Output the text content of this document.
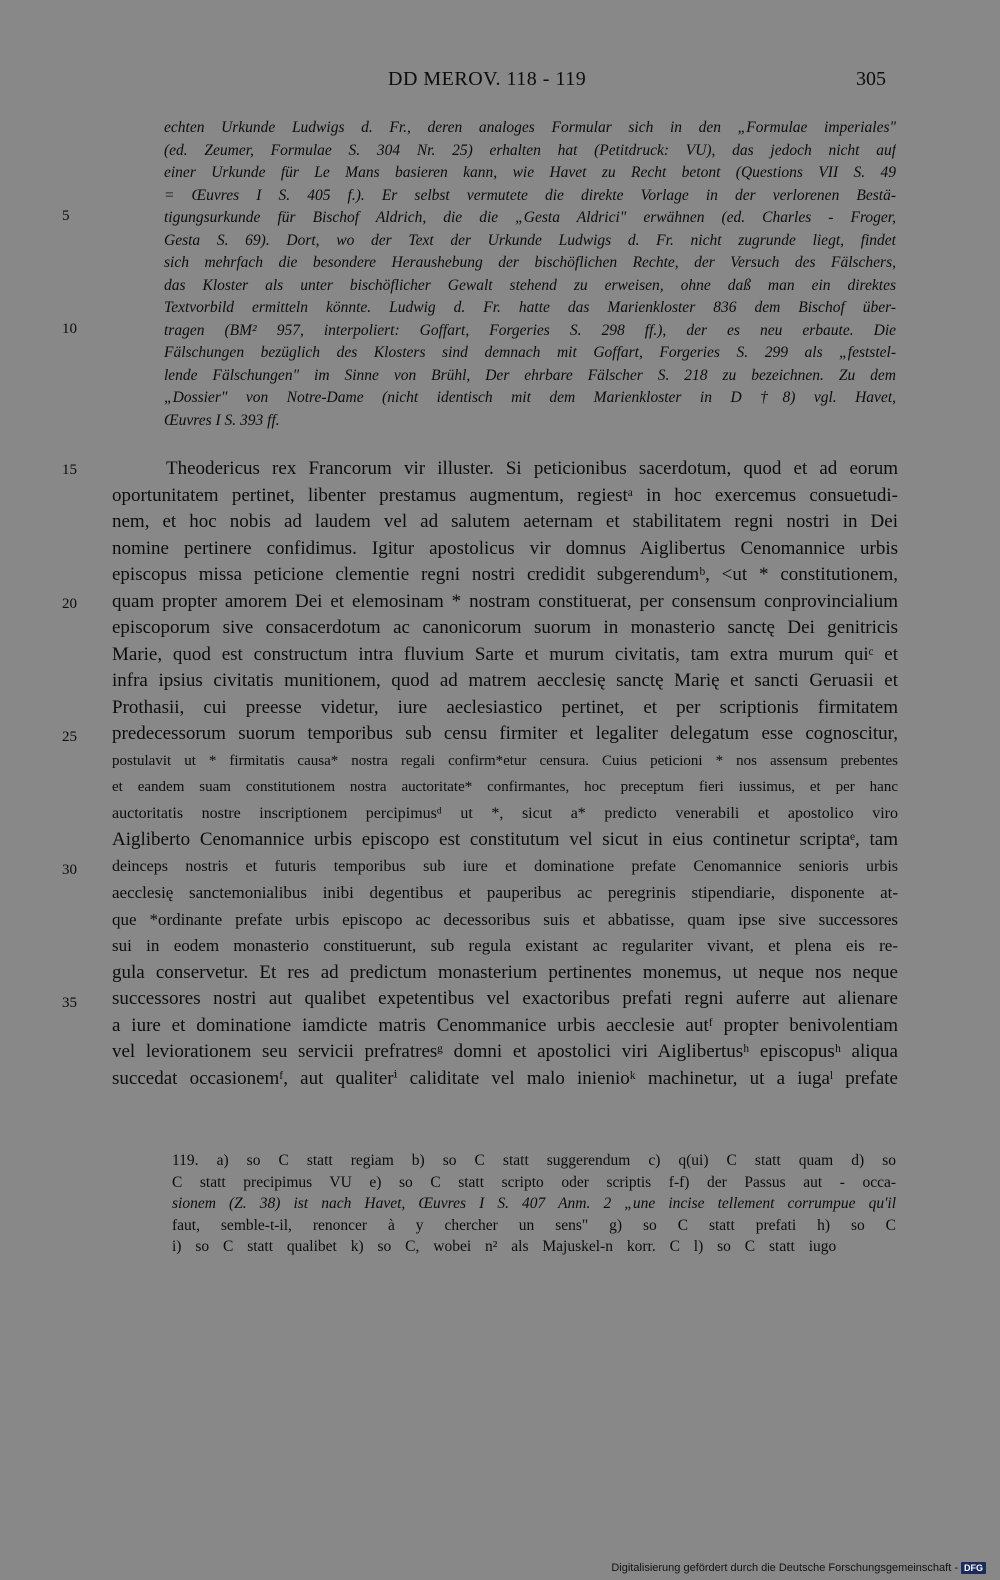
DD MEROV. 118 - 119	305
echten Urkunde Ludwigs d. Fr., deren analoges Formular sich in den „Formulae imperiales"
(ed. Zeumer, Formulae S. 304 Nr. 25) erhalten hat (Petitdruck: VU), das jedoch nicht auf
einer Urkunde für Le Mans basieren kann, wie Havet zu Recht betont (Questions VII S. 49
= Œuvres I S. 405 f.). Er selbst vermutete die direkte Vorlage in der verlorenen Bestä-
tigungsurkunde für Bischof Aldrich, die die „Gesta Aldrici" erwähnen (ed. Charles - Froger,
Gesta S. 69). Dort, wo der Text der Urkunde Ludwigs d. Fr. nicht zugrunde liegt, findet
sich mehrfach die besondere Heraushebung der bischöflichen Rechte, der Versuch des Fälschers,
das Kloster als unter bischöflicher Gewalt stehend zu erweisen, ohne daß man ein direktes
Textvorbild ermitteln könnte. Ludwig d. Fr. hatte das Marienkloster 836 dem Bischof über-
tragen (BM² 957, interpoliert: Goffart, Forgeries S. 298 ff.), der es neu erbaute. Die
Fälschungen bezüglich des Klosters sind demnach mit Goffart, Forgeries S. 299 als „feststel-
lende Fälschungen" im Sinne von Brühl, Der ehrbare Fälscher S. 218 zu bezeichnen. Zu dem
„Dossier" von Notre-Dame (nicht identisch mit dem Marienkloster in D †8) vgl. Havet,
Œuvres I S. 393 ff.
5
10
15
20
25
30
35
Theodericus rex Francorum vir illuster. Si peticionibus sacerdotum, quod et ad eorum
oportunitatem pertinet, libenter prestamus augmentum, regiestᵃ in hoc exercemus consuetudi-
nem, et hoc nobis ad laudem vel ad salutem aeternam et stabilitatem regni nostri in Dei
nomine pertinere confidimus. Igitur apostolicus vir domnus Aiglibertus Cenomannice urbis
episcopus missa peticione clementie regni nostri credidit subgerendumᵇ, <ut * constitutionem,
quam propter amorem Dei et elemosinam * nostram constituerat, per consensum conprovincialium
episcoporum sive consacerdotum ac canonicorum suorum in monasterio sanctę Dei genitricis
Marie, quod est constructum intra fluvium Sarte et murum civitatis, tam extra murum quiᶜ et
infra ipsius civitatis munitionem, quod ad matrem aecclesię sanctę Marię et sancti Geruasii et
Prothasii, cui preesse videtur, iure aeclesiastico pertinet, et per scriptionis firmitatem
predecessorum suorum temporibus sub censu firmiter et legaliter delegatum esse cognoscitur,
postulavit ut * firmitatis causa* nostra regali confirm*etur censura. Cuius peticioni * nos assensum prebentes
et eandem suam constitutionem nostra auctoritate* confirmantes, hoc preceptum fieri iussimus, et per hanc
auctoritatis nostre inscriptionem percipimusᵈ ut *, sicut a* predicto venerabili et apostolico viro
Aigliberto Cenomannice urbis episcopo est constitutum vel sicut in eius continetur scriptaᵉ, tam
deinceps nostris et futuris temporibus sub iure et dominatione prefate Cenomannice senioris urbis
aecclesię sanctemonialibus inibi degentibus et pauperibus ac peregrinis stipendiarie, disponente at-
que *ordinante prefate urbis episcopo ac decessoribus suis et abbatisse, quam ipse sive successores
sui in eodem monasterio constituerunt, sub regula existant ac regulariter vivant, et plena eis re-
gula conservetur. Et res ad predictum monasterium pertinentes monemus, ut neque nos neque
successores nostri aut qualibet expetentibus vel exactoribus prefati regni auferre aut alienare
a iure et dominatione iamdicte matris Cenommanice urbis aecclesie autᶠ propter benivolentiam
vel leviorationem seu servicii prefratresᵍ domni et apostolici viri Aiglibertusʰ episcopusʰ aliqua
succedat occasionemᶠ, aut qualiterⁱ caliditate vel malo inienioᵏ machinetur, ut a iugaˡ prefate
119. a) so C statt regiam b) so C statt suggerendum c) q(ui) C statt quam d) so
C statt precipimus VU e) so C statt scripto oder scriptis f-f) der Passus aut - occa-
sionem (Z. 38) ist nach Havet, Œuvres I S. 407 Anm. 2 „une incise tellement corrumpue qu'il
faut, semble-t-il, renoncer à y chercher un sens" g) so C statt prefati h) so C
i) so C statt qualibet k) so C, wobei n² als Majuskel-n korr. C l) so C statt iugo
Digitalisierung gefördert durch die Deutsche Forschungsgemeinschaft - DFG
